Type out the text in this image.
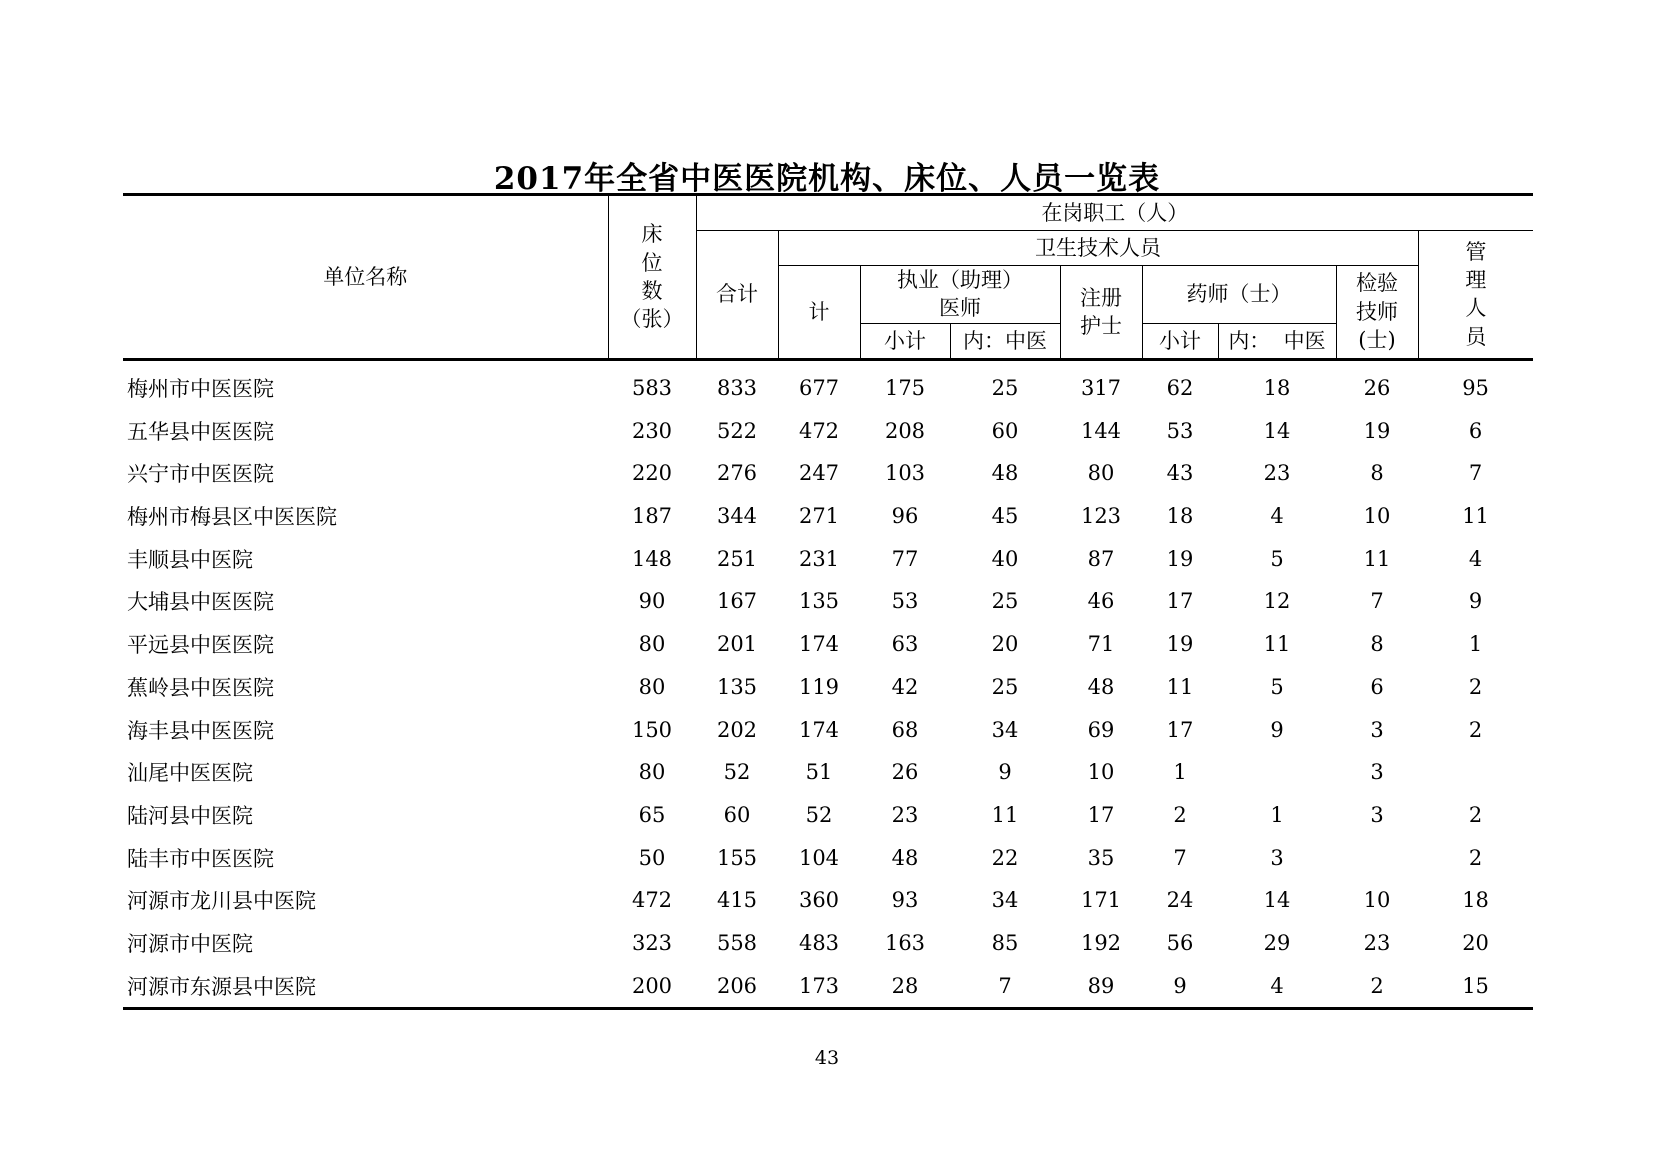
2017年全省中医医院机构、床位、人员一览表
单位名称	床
位
数
（张）	在岗职工（人）								
		合计	卫生技术人员							管
理
人
员
			计	执业（助理）
医师		注册
护士	药师（士）		检验
技师
(士)	
				小计	内：中医		小计	内：  中医		

梅州市中医医院	583	833	677	175	25	317	62	18	26	95
五华县中医医院	230	522	472	208	60	144	53	14	19	6
兴宁市中医医院	220	276	247	103	48	80	43	23	8	7
梅州市梅县区中医医院	187	344	271	96	45	123	18	4	10	11
丰顺县中医院	148	251	231	77	40	87	19	5	11	4
大埔县中医医院	90	167	135	53	25	46	17	12	7	9
平远县中医医院	80	201	174	63	20	71	19	11	8	1
蕉岭县中医医院	80	135	119	42	25	48	11	5	6	2
海丰县中医医院	150	202	174	68	34	69	17	9	3	2
汕尾中医医院	80	52	51	26	9	10	1		3	
陆河县中医院	65	60	52	23	11	17	2	1	3	2
陆丰市中医医院	50	155	104	48	22	35	7	3		2
河源市龙川县中医院	472	415	360	93	34	171	24	14	10	18
河源市中医院	323	558	483	163	85	192	56	29	23	20
河源市东源县中医院	200	206	173	28	7	89	9	4	2	15
43
